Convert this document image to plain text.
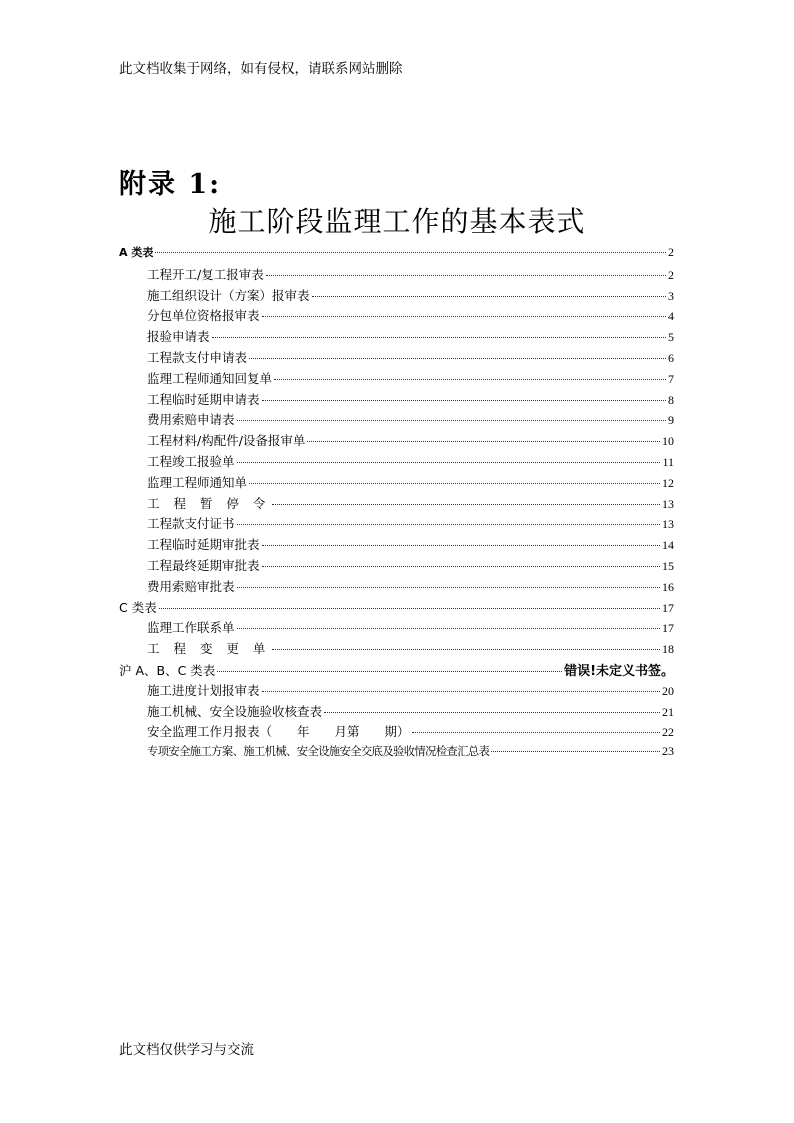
此文档收集于网络，如有侵权，请联系网站删除
附录 1:
施工阶段监理工作的基本表式
A 类表	2
工程开工/复工报审表	2
施工组织设计（方案）报审表	3
分包单位资格报审表	4
报验申请表	5
工程款支付申请表	6
监理工程师通知回复单	7
工程临时延期申请表	8
费用索赔申请表	9
工程材料/构配件/设备报审单	10
工程竣工报验单	11
监理工程师通知单	12
工 程 暂 停 令	13
工程款支付证书	13
工程临时延期审批表	14
工程最终延期审批表	15
费用索赔审批表	16
C 类表	17
监理工作联系单	17
工 程 变 更 单	18
沪 A、B、C 类表	错误!未定义书签。
施工进度计划报审表	20
施工机械、安全设施验收核查表	21
安全监理工作月报表（　　年　　月第　　期）	22
专项安全施工方案、施工机械、安全设施安全交底及验收情况检查汇总表	23
此文档仅供学习与交流
